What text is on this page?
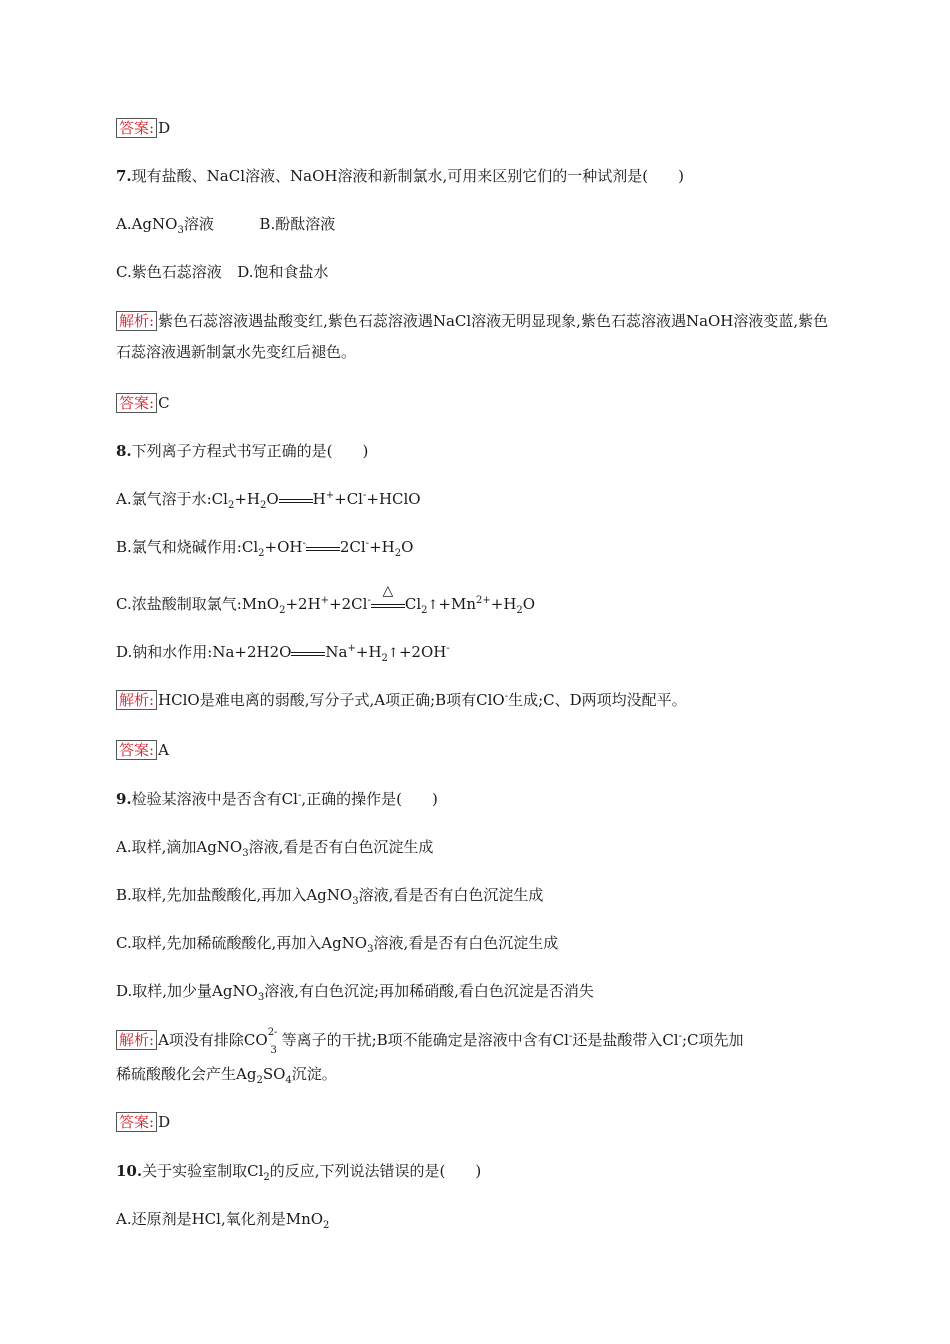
答案: D
7.现有盐酸、NaCl溶液、NaOH溶液和新制氯水,可用来区别它们的一种试剂是(　　)
A.AgNO$_3$溶液	B.酚酞溶液
C.紫色石蕊溶液 D.饱和食盐水
解析: 紫色石蕊溶液遇盐酸变红,紫色石蕊溶液遇NaCl溶液无明显现象,紫色石蕊溶液遇NaOH溶液变蓝,紫色石蕊溶液遇新制氯水先变红后褪色。
答案: C
8.下列离子方程式书写正确的是(　　)
A.氯气溶于水$:Cl_2+H_2O$ H++Cl-+HClO
B.氯气和烧碱作用$:Cl_2+OH^-$ $2Cl^-+H_2O$
C.浓盐酸制取氯气:MnO$_2$+2H++2Cl-
△
$Cl_2↑+Mn^{2+}+H_2O$
D.钠和水作用:Na+2H2O $Na^++H_2↑+2OH^-$
解析: HClO是难电离的弱酸,写分子式,A项正确;B项有ClO-生成;C、D两项均没配平。
答案: A
9.检验某溶液中是否含有Cl-,正确的操作是(　　)
A.取样,滴加AgNO$_3$溶液,看是否有白色沉淀生成
B.取样,先加盐酸酸化,再加入AgNO$_3$溶液,看是否有白色沉淀生成
C.取样,先加稀硫酸酸化,再加入AgNO$_3$溶液,看是否有白色沉淀生成
D.取样,加少量AgNO$_3$溶液,有白色沉淀;再加稀硝酸,看白色沉淀是否消失
解析: A项没有排除$CO^{2-}_3$ 等离子的干扰;B项不能确定是溶液中含有Cl-还是盐酸带入Cl-;C项先加
稀硫酸酸化会产生$Ag_2SO_4$沉淀。
答案: D
10.关于实验室制取$Cl_2$的反应,下列说法错误的是(　　)
A.还原剂是HCl,氧化剂是MnO$_2$
